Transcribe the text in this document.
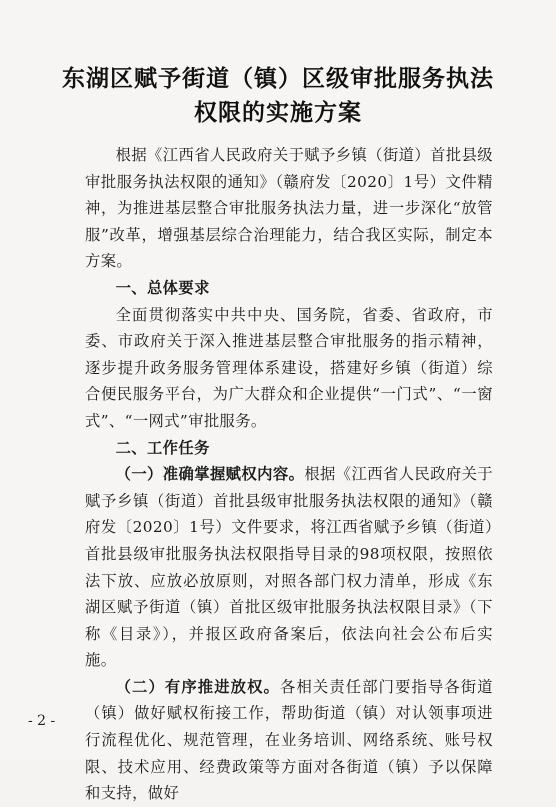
东湖区赋予街道（镇）区级审批服务执法
权限的实施方案

根据《江西省人民政府关于赋予乡镇（街道）首批县级审批服务执法权限的通知》（赣府发〔2020〕1号）文件精神，为推进基层整合审批服务执法力量，进一步深化“放管服”改革，增强基层综合治理能力，结合我区实际，制定本方案。

一、总体要求

全面贯彻落实中共中央、国务院，省委、省政府，市委、市政府关于深入推进基层整合审批服务的指示精神，逐步提升政务服务管理体系建设，搭建好乡镇（街道）综合便民服务平台，为广大群众和企业提供“一门式”、“一窗式”、“一网式”审批服务。

二、工作任务

（一）准确掌握赋权内容。根据《江西省人民政府关于赋予乡镇（街道）首批县级审批服务执法权限的通知》（赣府发〔2020〕1号）文件要求，将江西省赋予乡镇（街道）首批县级审批服务执法权限指导目录的98项权限，按照依法下放、应放必放原则，对照各部门权力清单，形成《东湖区赋予街道（镇）首批区级审批服务执法权限目录》（下称《目录》），并报区政府备案后，依法向社会公布后实施。

（二）有序推进放权。各相关责任部门要指导各街道（镇）做好赋权衔接工作，帮助街道（镇）对认领事项进行流程优化、规范管理，在业务培训、网络系统、账号权限、技术应用、经费政策等方面对各街道（镇）予以保障和支持，做好

- 2 -
